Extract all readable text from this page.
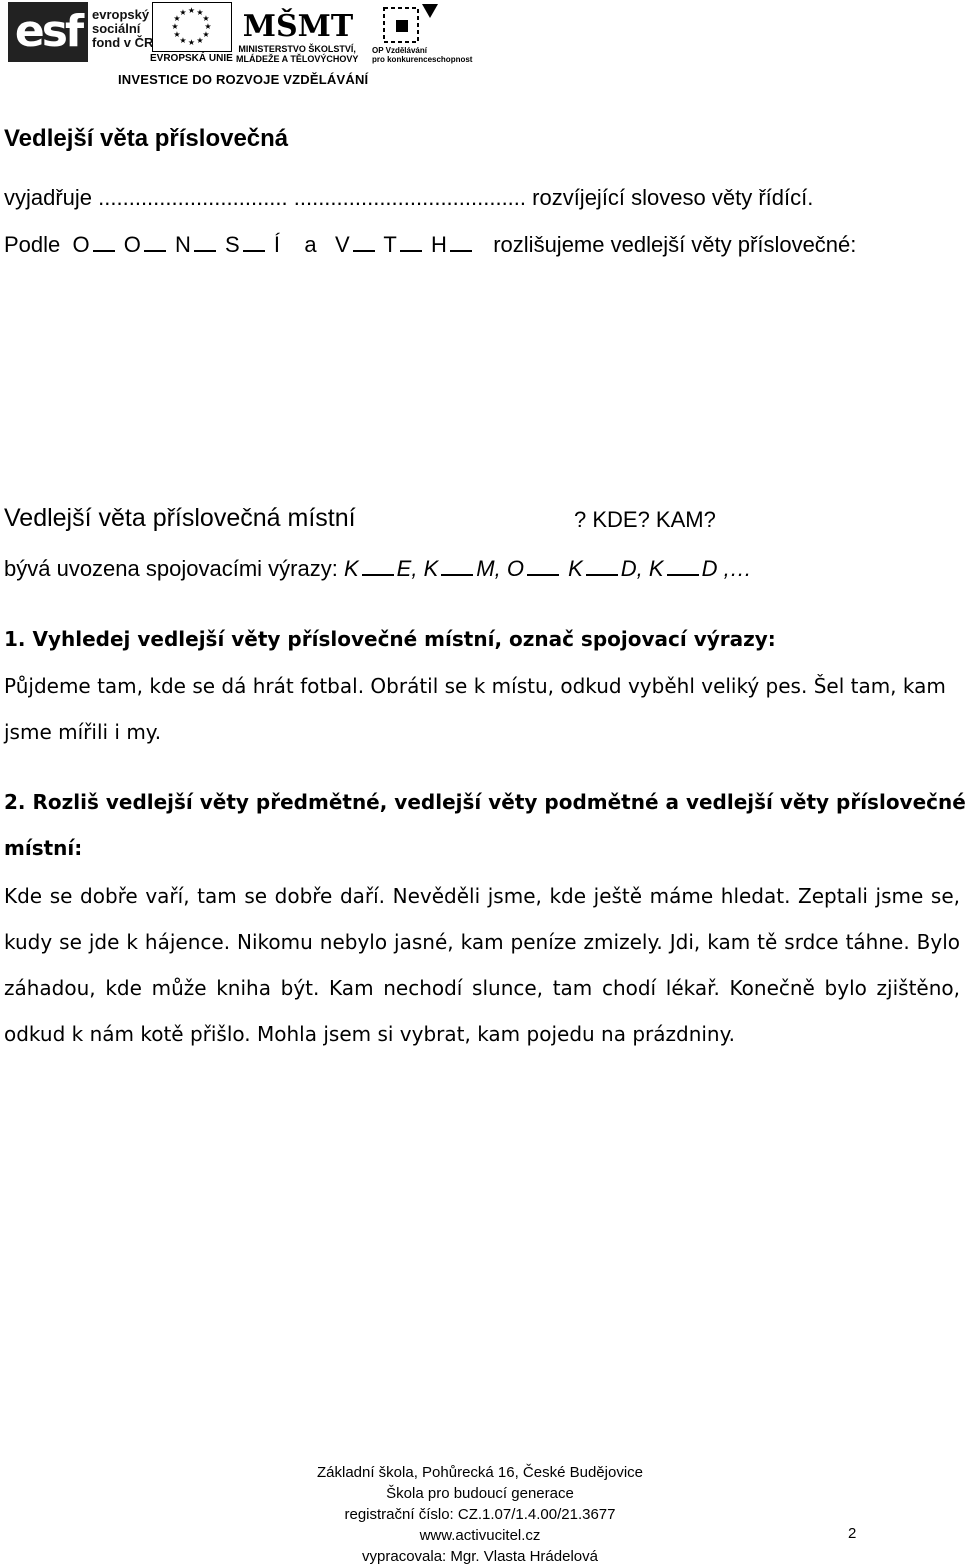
esf evropský
sociální
fond v ČR
★ ★
★
★
★
★
★
★
★
★
★
★
EVROPSKÁ UNIE
MŠMT
MINISTERSTVO ŠKOLSTVÍ,
MLÁDEŽE A TĚLOVÝCHOVY
OP Vzdělávání
pro konkurenceschopnost
INVESTICE DO ROZVOJE VZDĚLÁVÁNÍ
Vedlejší věta příslovečná
vyjadřuje ............................... ...................................... rozvíjející sloveso věty řídící.
Podle O O N S Í a V T H rozlišujeme vedlejší věty příslovečné:
Vedlejší věta příslovečná místní	? KDE? KAM?
bývá uvozena spojovacími výrazy: K E, K M, O K D, K D ,…
1. Vyhledej vedlejší věty příslovečné místní, označ spojovací výrazy:
Půjdeme tam, kde se dá hrát fotbal. Obrátil se k místu, odkud vyběhl veliký pes. Šel tam, kam
jsme mířili i my.
2. Rozliš vedlejší věty předmětné, vedlejší věty podmětné a vedlejší věty příslovečné
místní:
Kde se dobře vaří, tam se dobře daří. Nevěděli jsme, kde ještě máme hledat. Zeptali jsme se, kudy se jde k hájence. Nikomu nebylo jasné, kam peníze zmizely. Jdi, kam tě srdce táhne. Bylo záhadou, kde může kniha být. Kam nechodí slunce, tam chodí lékař. Konečně bylo zjištěno, odkud k nám kotě přišlo. Mohla jsem si vybrat, kam pojedu na prázdniny.
Základní škola, Pohůrecká 16, České Budějovice
Škola pro budoucí generace
registrační číslo: CZ.1.07/1.4.00/21.3677
www.activucitel.cz
vypracovala: Mgr. Vlasta Hrádelová
2
